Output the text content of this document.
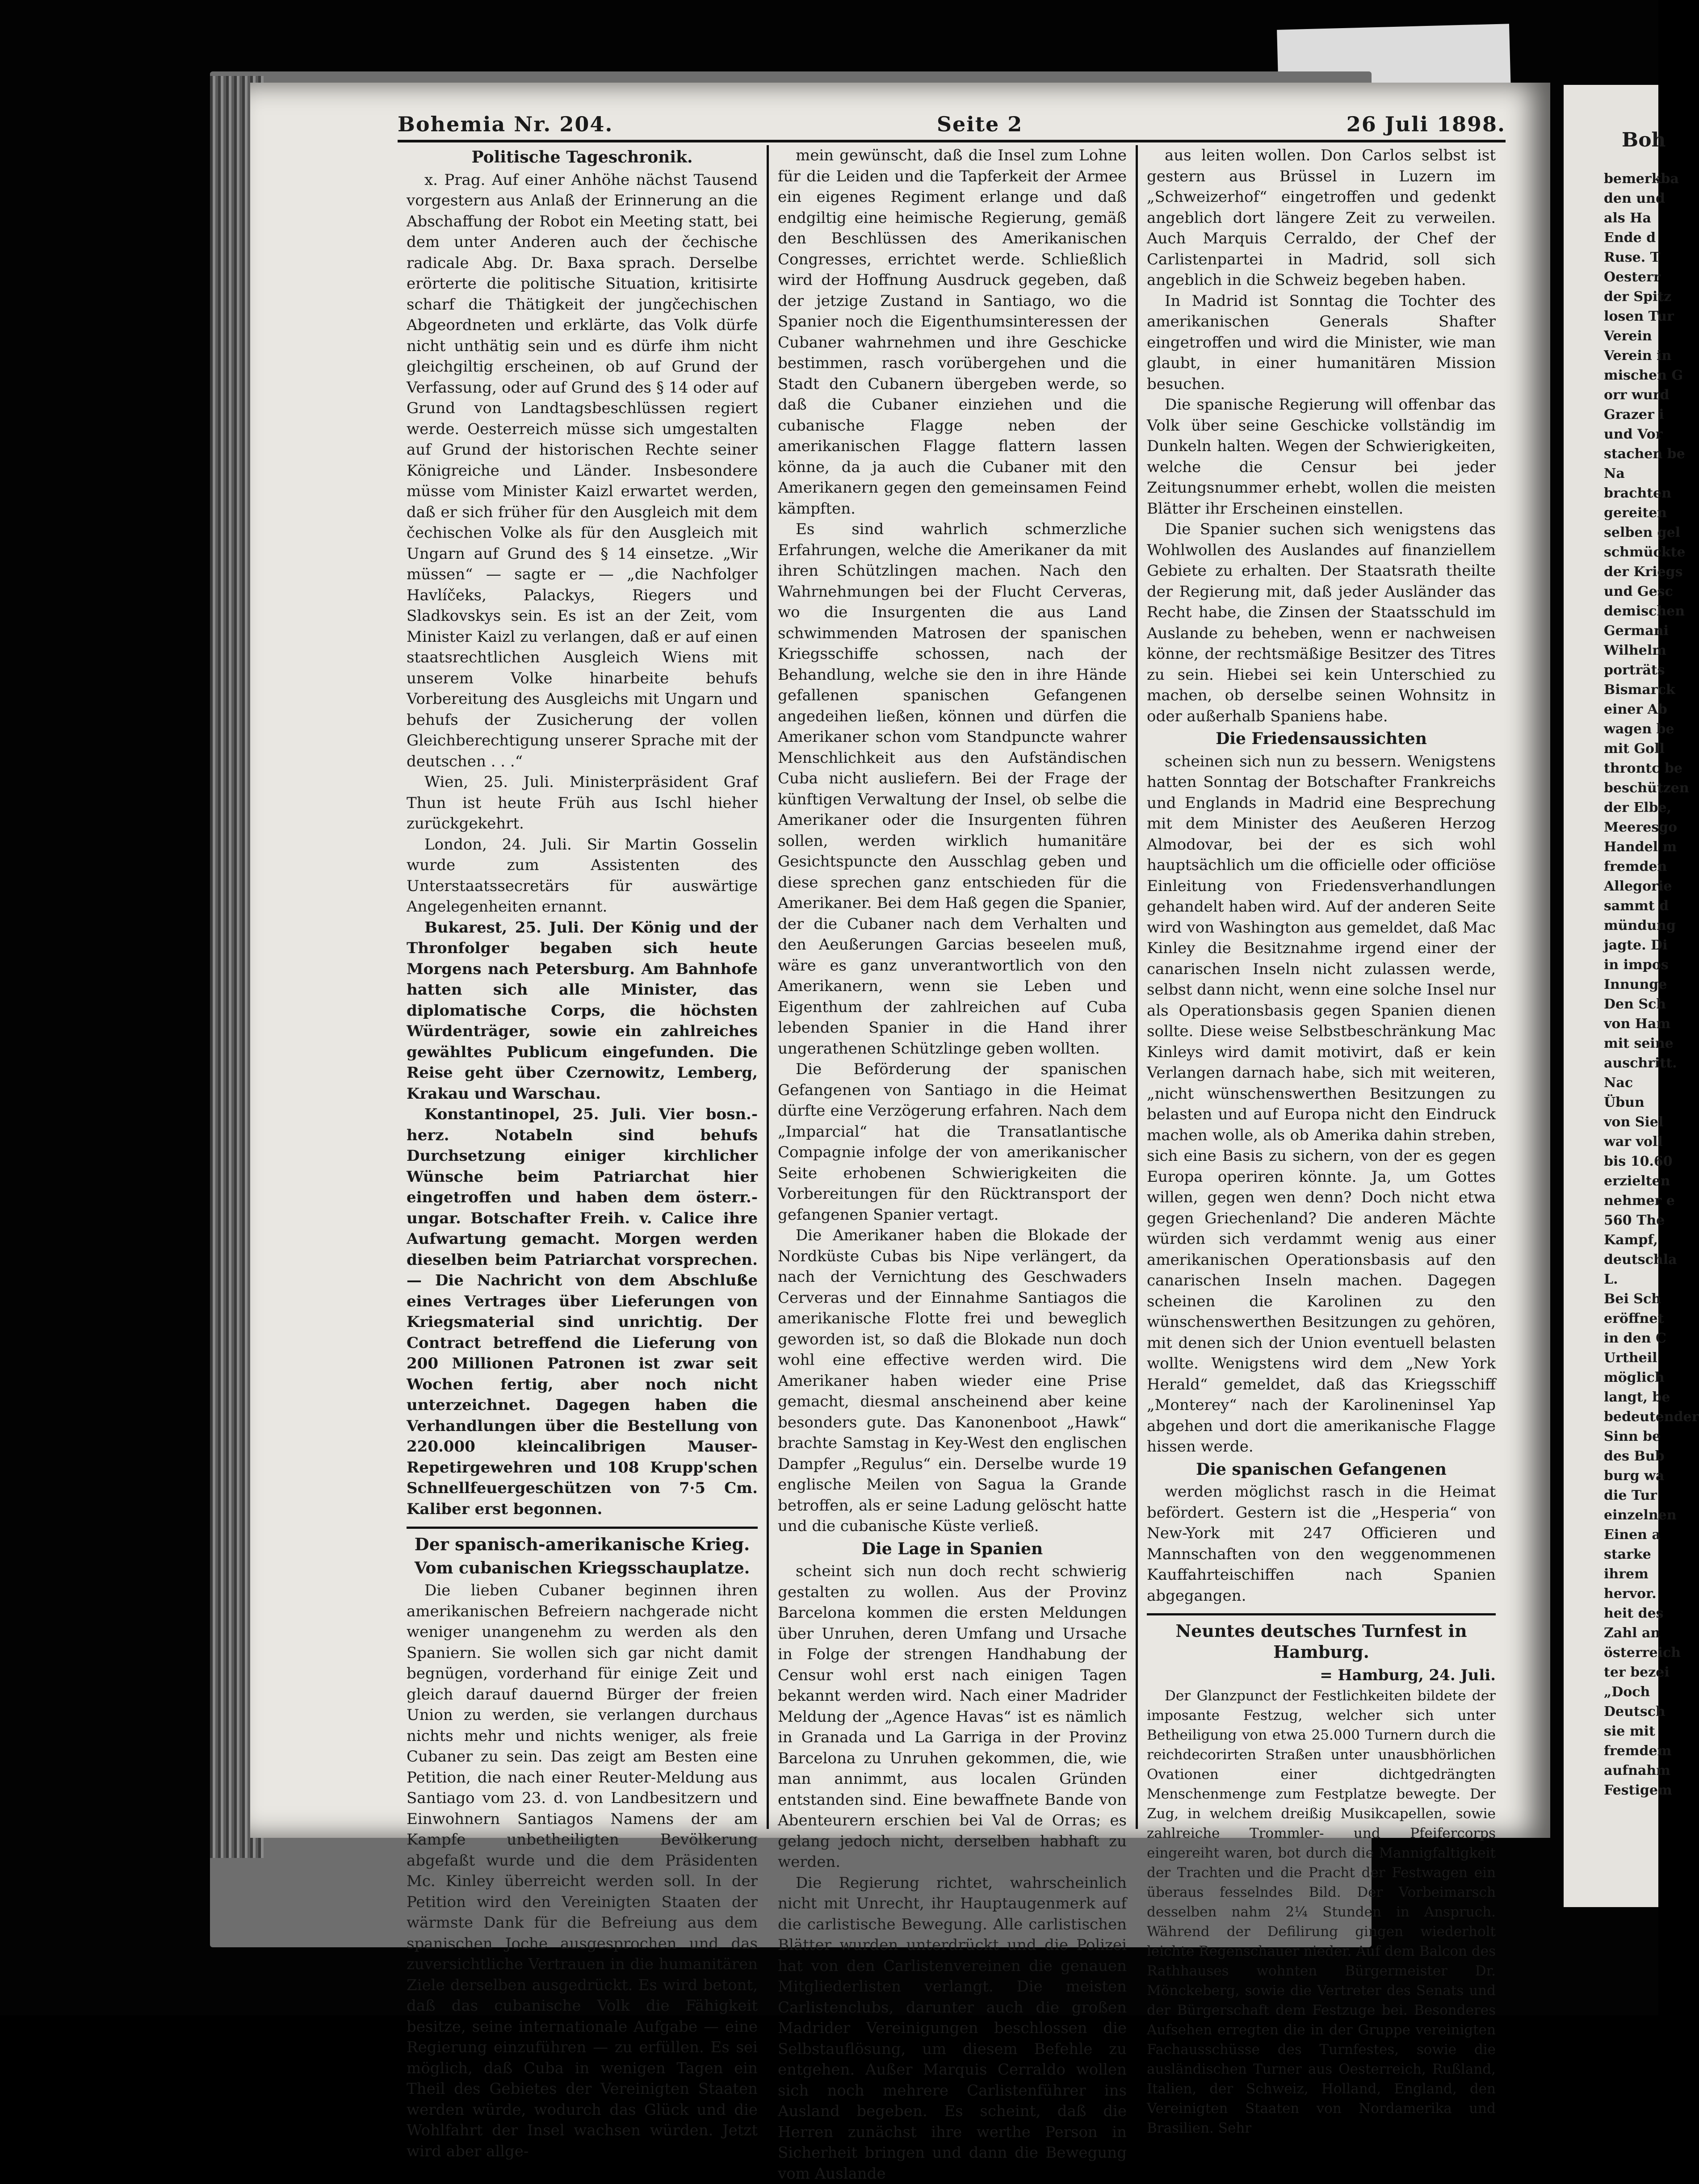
Bohemia Nr. 204.	Seite 2	26 Juli 1898.

Politische Tageschronik.

x. Prag. Auf einer Anhöhe nächst Tausend vorgestern aus Anlaß der Erinnerung an die Abschaffung der Robot ein Meeting statt, bei dem unter Anderen auch der čechische radicale Abg. Dr. Baxa sprach. Derselbe erörterte die politische Situation, kritisirte scharf die Thätigkeit der jungčechischen Abgeordneten und erklärte, das Volk dürfe nicht unthätig sein und es dürfe ihm nicht gleichgiltig erscheinen, ob auf Grund der Verfassung, oder auf Grund des § 14 oder auf Grund von Landtagsbeschlüssen regiert werde. Oesterreich müsse sich umgestalten auf Grund der historischen Rechte seiner Königreiche und Länder. Insbesondere müsse vom Minister Kaizl erwartet werden, daß er sich früher für den Ausgleich mit dem čechischen Volke als für den Ausgleich mit Ungarn auf Grund des § 14 einsetze. „Wir müssen“ — sagte er — „die Nachfolger Havlíčeks, Palackys, Riegers und Sladkovskys sein. Es ist an der Zeit, vom Minister Kaizl zu verlangen, daß er auf einen staatsrechtlichen Ausgleich Wiens mit unserem Volke hinarbeite behufs Vorbereitung des Ausgleichs mit Ungarn und behufs der Zusicherung der vollen Gleichberechtigung unserer Sprache mit der deutschen . . .“

Wien, 25. Juli. Ministerpräsident Graf Thun ist heute Früh aus Ischl hieher zurückgekehrt.

London, 24. Juli. Sir Martin Gosselin wurde zum Assistenten des Unterstaatssecretärs für auswärtige Angelegenheiten ernannt.

Bukarest, 25. Juli. Der König und der Thronfolger begaben sich heute Morgens nach Petersburg. Am Bahnhofe hatten sich alle Minister, das diplomatische Corps, die höchsten Würdenträger, sowie ein zahlreiches gewähltes Publicum eingefunden. Die Reise geht über Czernowitz, Lemberg, Krakau und Warschau.

Konstantinopel, 25. Juli. Vier bosn.-herz. Notabeln sind behufs Durchsetzung einiger kirchlicher Wünsche beim Patriarchat hier eingetroffen und haben dem österr.-ungar. Botschafter Freih. v. Calice ihre Aufwartung gemacht. Morgen werden dieselben beim Patriarchat vorsprechen. — Die Nachricht von dem Abschluße eines Vertrages über Lieferungen von Kriegsmaterial sind unrichtig. Der Contract betreffend die Lieferung von 200 Millionen Patronen ist zwar seit Wochen fertig, aber noch nicht unterzeichnet. Dagegen haben die Verhandlungen über die Bestellung von 220.000 kleincalibrigen Mauser-Repetirgewehren und 108 Krupp'schen Schnellfeuergeschützen von 7·5 Cm. Kaliber erst begonnen.

Der spanisch-amerikanische Krieg.

Vom cubanischen Kriegsschauplatze.

Die lieben Cubaner beginnen ihren amerikanischen Befreiern nachgerade nicht weniger unangenehm zu werden als den Spaniern. Sie wollen sich gar nicht damit begnügen, vorderhand für einige Zeit und gleich darauf dauernd Bürger der freien Union zu werden, sie verlangen durchaus nichts mehr und nichts weniger, als freie Cubaner zu sein. Das zeigt am Besten eine Petition, die nach einer Reuter-Meldung aus Santiago vom 23. d. von Landbesitzern und Einwohnern Santiagos Namens der am Kampfe unbetheiligten Bevölkerung abgefaßt wurde und die dem Präsidenten Mc. Kinley überreicht werden soll. In der Petition wird den Vereinigten Staaten der wärmste Dank für die Befreiung aus dem spanischen Joche ausgesprochen und das zuversichtliche Vertrauen in die humanitären Ziele derselben ausgedrückt. Es wird betont, daß das cubanische Volk die Fähigkeit besitze, seine internationale Aufgabe — eine Regierung einzuführen — zu erfüllen. Es sei möglich, daß Cuba in wenigen Tagen ein Theil des Gebietes der Vereinigten Staaten werden würde, wodurch das Glück und die Wohlfahrt der Insel wachsen würden. Jetzt wird aber allge-

mein gewünscht, daß die Insel zum Lohne für die Leiden und die Tapferkeit der Armee ein eigenes Regiment erlange und daß endgiltig eine heimische Regierung, gemäß den Beschlüssen des Amerikanischen Congresses, errichtet werde. Schließlich wird der Hoffnung Ausdruck gegeben, daß der jetzige Zustand in Santiago, wo die Spanier noch die Eigenthumsinteressen der Cubaner wahrnehmen und ihre Geschicke bestimmen, rasch vorübergehen und die Stadt den Cubanern übergeben werde, so daß die Cubaner einziehen und die cubanische Flagge neben der amerikanischen Flagge flattern lassen könne, da ja auch die Cubaner mit den Amerikanern gegen den gemeinsamen Feind kämpften.

Es sind wahrlich schmerzliche Erfahrungen, welche die Amerikaner da mit ihren Schützlingen machen. Nach den Wahrnehmungen bei der Flucht Cerveras, wo die Insurgenten die aus Land schwimmenden Matrosen der spanischen Kriegsschiffe schossen, nach der Behandlung, welche sie den in ihre Hände gefallenen spanischen Gefangenen angedeihen ließen, können und dürfen die Amerikaner schon vom Standpuncte wahrer Menschlichkeit aus den Aufständischen Cuba nicht ausliefern. Bei der Frage der künftigen Verwaltung der Insel, ob selbe die Amerikaner oder die Insurgenten führen sollen, werden wirklich humanitäre Gesichtspuncte den Ausschlag geben und diese sprechen ganz entschieden für die Amerikaner. Bei dem Haß gegen die Spanier, der die Cubaner nach dem Verhalten und den Aeußerungen Garcias beseelen muß, wäre es ganz unverantwortlich von den Amerikanern, wenn sie Leben und Eigenthum der zahlreichen auf Cuba lebenden Spanier in die Hand ihrer ungerathenen Schützlinge geben wollten.

Die Beförderung der spanischen Gefangenen von Santiago in die Heimat dürfte eine Verzögerung erfahren. Nach dem „Imparcial“ hat die Transatlantische Compagnie infolge der von amerikanischer Seite erhobenen Schwierigkeiten die Vorbereitungen für den Rücktransport der gefangenen Spanier vertagt.

Die Amerikaner haben die Blokade der Nordküste Cubas bis Nipe verlängert, da nach der Vernichtung des Geschwaders Cerveras und der Einnahme Santiagos die amerikanische Flotte frei und beweglich geworden ist, so daß die Blokade nun doch wohl eine effective werden wird. Die Amerikaner haben wieder eine Prise gemacht, diesmal anscheinend aber keine besonders gute. Das Kanonenboot „Hawk“ brachte Samstag in Key-West den englischen Dampfer „Regulus“ ein. Derselbe wurde 19 englische Meilen von Sagua la Grande betroffen, als er seine Ladung gelöscht hatte und die cubanische Küste verließ.

Die Lage in Spanien

scheint sich nun doch recht schwierig gestalten zu wollen. Aus der Provinz Barcelona kommen die ersten Meldungen über Unruhen, deren Umfang und Ursache in Folge der strengen Handhabung der Censur wohl erst nach einigen Tagen bekannt werden wird. Nach einer Madrider Meldung der „Agence Havas“ ist es nämlich in Granada und La Garriga in der Provinz Barcelona zu Unruhen gekommen, die, wie man annimmt, aus localen Gründen entstanden sind. Eine bewaffnete Bande von Abenteurern erschien bei Val de Orras; es gelang jedoch nicht, derselben habhaft zu werden.

Die Regierung richtet, wahrscheinlich nicht mit Unrecht, ihr Hauptaugenmerk auf die carlistische Bewegung. Alle carlistischen Blätter wurden unterdrückt und die Polizei hat von den Carlistenvereinen die genauen Mitgliederlisten verlangt. Die meisten Carlistenclubs, darunter auch die großen Madrider Vereinigungen beschlossen die Selbstauflösung, um diesem Befehle zu entgehen. Außer Marquis Cerraldo wollen sich noch mehrere Carlistenführer ins Ausland begeben. Es scheint, daß die Herren zunächst ihre werthe Person in Sicherheit bringen und dann die Bewegung vom Auslande

aus leiten wollen. Don Carlos selbst ist gestern aus Brüssel in Luzern im „Schweizerhof“ eingetroffen und gedenkt angeblich dort längere Zeit zu verweilen. Auch Marquis Cerraldo, der Chef der Carlistenpartei in Madrid, soll sich angeblich in die Schweiz begeben haben.

In Madrid ist Sonntag die Tochter des amerikanischen Generals Shafter eingetroffen und wird die Minister, wie man glaubt, in einer humanitären Mission besuchen.

Die spanische Regierung will offenbar das Volk über seine Geschicke vollständig im Dunkeln halten. Wegen der Schwierigkeiten, welche die Censur bei jeder Zeitungsnummer erhebt, wollen die meisten Blätter ihr Erscheinen einstellen.

Die Spanier suchen sich wenigstens das Wohlwollen des Auslandes auf finanziellem Gebiete zu erhalten. Der Staatsrath theilte der Regierung mit, daß jeder Ausländer das Recht habe, die Zinsen der Staatsschuld im Auslande zu beheben, wenn er nachweisen könne, der rechtsmäßige Besitzer des Titres zu sein. Hiebei sei kein Unterschied zu machen, ob derselbe seinen Wohnsitz in oder außerhalb Spaniens habe.

Die Friedensaussichten

scheinen sich nun zu bessern. Wenigstens hatten Sonntag der Botschafter Frankreichs und Englands in Madrid eine Besprechung mit dem Minister des Aeußeren Herzog Almodovar, bei der es sich wohl hauptsächlich um die officielle oder officiöse Einleitung von Friedensverhandlungen gehandelt haben wird. Auf der anderen Seite wird von Washington aus gemeldet, daß Mac Kinley die Besitznahme irgend einer der canarischen Inseln nicht zulassen werde, selbst dann nicht, wenn eine solche Insel nur als Operationsbasis gegen Spanien dienen sollte. Diese weise Selbstbeschränkung Mac Kinleys wird damit motivirt, daß er kein Verlangen darnach habe, sich mit weiteren, „nicht wünschenswerthen Besitzungen zu belasten und auf Europa nicht den Eindruck machen wolle, als ob Amerika dahin streben, sich eine Basis zu sichern, von der es gegen Europa operiren könnte. Ja, um Gottes willen, gegen wen denn? Doch nicht etwa gegen Griechenland? Die anderen Mächte würden sich verdammt wenig aus einer amerikanischen Operationsbasis auf den canarischen Inseln machen. Dagegen scheinen die Karolinen zu den wünschenswerthen Besitzungen zu gehören, mit denen sich der Union eventuell belasten wollte. Wenigstens wird dem „New York Herald“ gemeldet, daß das Kriegsschiff „Monterey“ nach der Karolineninsel Yap abgehen und dort die amerikanische Flagge hissen werde.

Die spanischen Gefangenen

werden möglichst rasch in die Heimat befördert. Gestern ist die „Hesperia“ von New-York mit 247 Officieren und Mannschaften von den weggenommenen Kauffahrteischiffen nach Spanien abgegangen.

Neuntes deutsches Turnfest in Hamburg.

= Hamburg, 24. Juli.

Der Glanzpunct der Festlichkeiten bildete der imposante Festzug, welcher sich unter Betheiligung von etwa 25.000 Turnern durch die reichdecorirten Straßen unter unausbhörlichen Ovationen einer dichtgedrängten Menschenmenge zum Festplatze bewegte. Der Zug, in welchem dreißig Musikcapellen, sowie zahlreiche Trommler- und Pfeifercorps eingereiht waren, bot durch die Mannigfaltigkeit der Trachten und die Pracht der Festwagen ein überaus fesselndes Bild. Der Vorbeimarsch desselben nahm 2¼ Stunden in Anspruch. Während der Defilirung gingen wiederholt leichte Regenschauer nieder. Auf dem Balcon des Rathhauses wohnten Bürgermeister Dr. Mönckeberg, sowie die Vertreter des Senats und der Bürgerschaft dem Festzuge bei. Besonderes Aufsehen erregten die in der Gruppe vereinigten Fachausschüsse des Turnfestes, sowie die ausländischen Turner aus Oesterreich, Rußland, Italien, der Schweiz, Holland, England, den Vereinigten Staaten von Nordamerika und Brasilien. Sehr

Boh
bemerkba
den und
als Ha
Ende d
Ruse. T
Oesterr
der Spitz
losen Tur
Verein
Verein in
mischen G
orr wurd
Grazer i
und Vor
stachen be
Na
brachten
gereiten
selben gel
schmückte
der Kriegs
und Gesc
demischen
Germani
Wilhelm
porträts
Bismarck
einer Ab
wagen be
mit Goll
throntc be
beschützen
der Elbe,
Meeresgo
Handel m
fremden
Allegorie
sammt d
mündung
jagte. Di
in impos
Innunge
Den Sch
von Ham
mit seine
auschritt.
Nac
Übun
von Siel
war voll
bis 10.60
erzielten
nehmer e
560 The
Kampf,
deutschla
L.
Bei Sch
eröffnet
in den C
Urtheil
möglich
langt, be
bedeutender
Sinn be
des Bub
burg wa
die Tur
einzelnen
Einen a
starke
ihrem
hervor.
heit des
Zahl an
österreich
ter bezei
„Doch
Deutsch
sie mit
fremdem
aufnahm
Festigem
